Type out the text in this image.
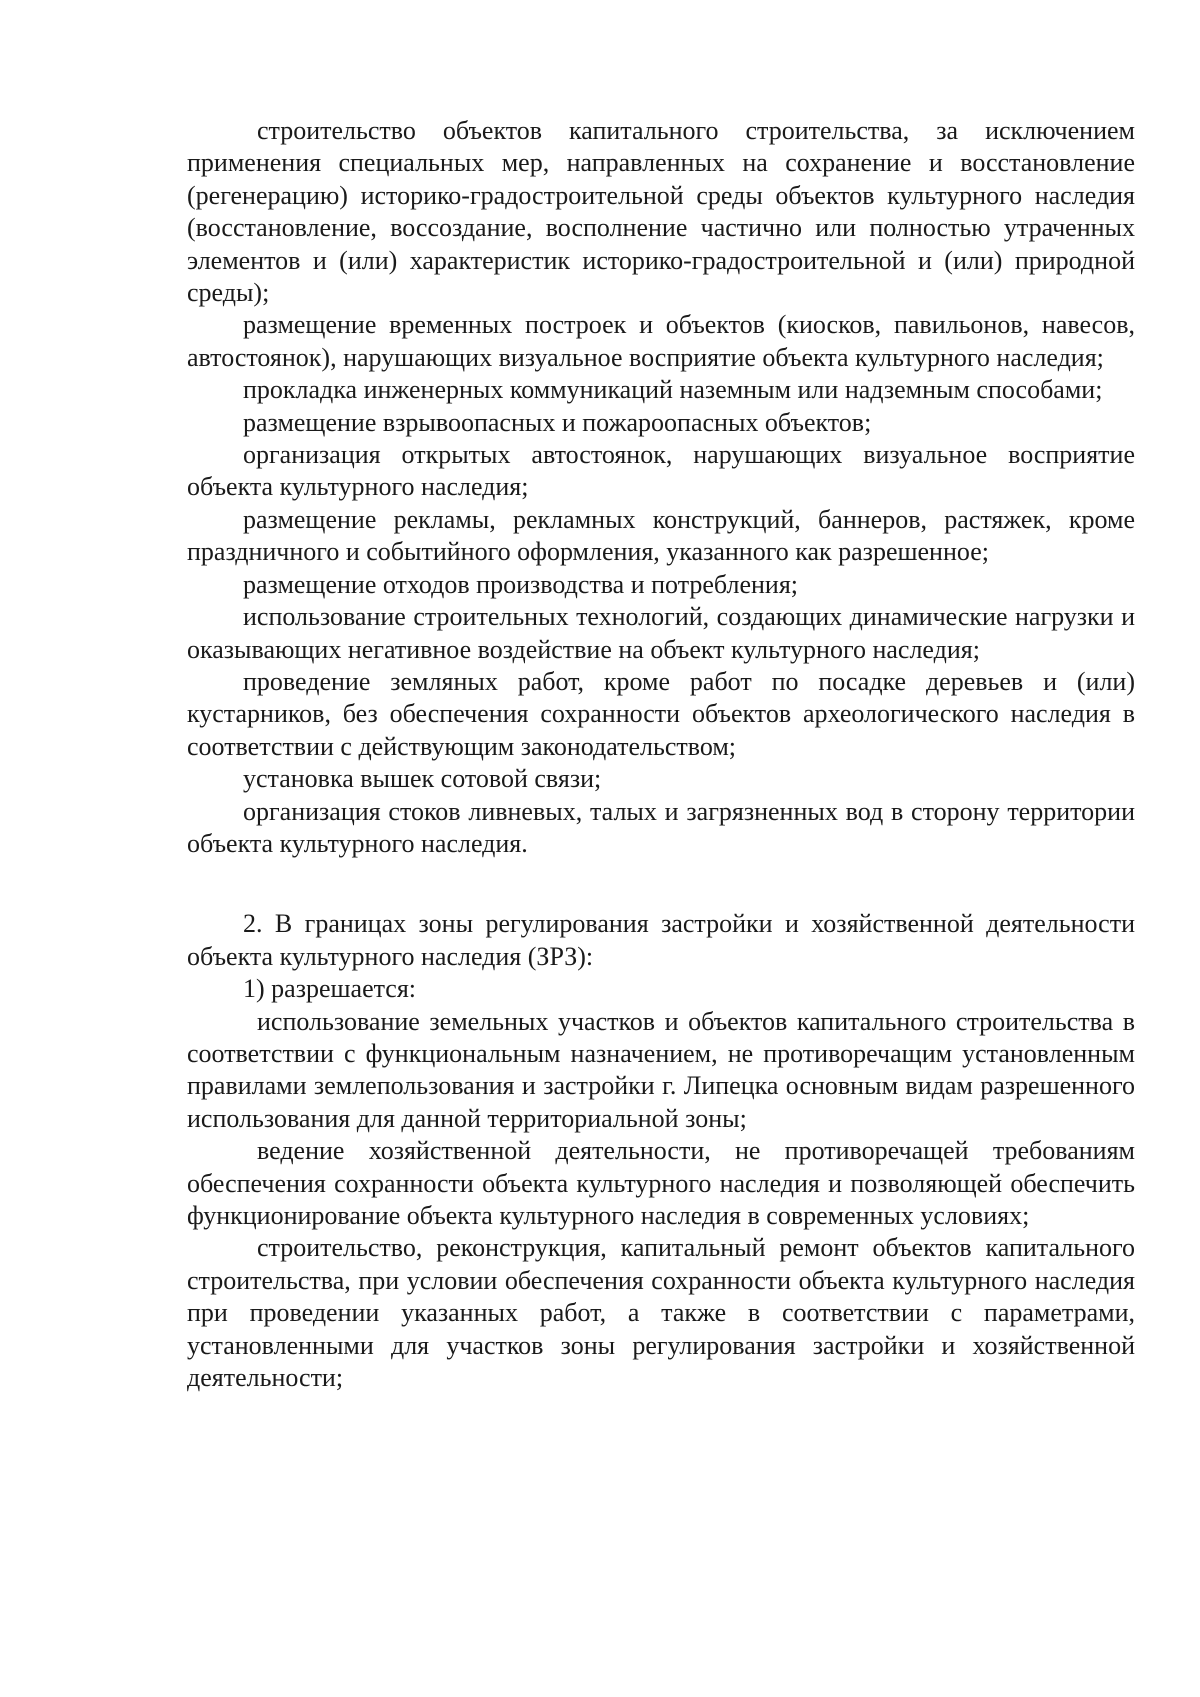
строительство объектов капитального строительства, за исключением применения специальных мер, направленных на сохранение и восстановление (регенерацию) историко-градостроительной среды объектов культурного наследия (восстановление, воссоздание, восполнение частично или полностью утраченных элементов и (или) характеристик историко-градостроительной и (или) природной среды);

размещение временных построек и объектов (киосков, павильонов, навесов, автостоянок), нарушающих визуальное восприятие объекта культурного наследия;

прокладка инженерных коммуникаций наземным или надземным способами;

размещение взрывоопасных и пожароопасных объектов;

организация открытых автостоянок, нарушающих визуальное восприятие объекта культурного наследия;

размещение рекламы, рекламных конструкций, баннеров, растяжек, кроме праздничного и событийного оформления, указанного как разрешенное;

размещение отходов производства и потребления;

использование строительных технологий, создающих динамические нагрузки и оказывающих негативное воздействие на объект культурного наследия;

проведение земляных работ, кроме работ по посадке деревьев и (или) кустарников, без обеспечения сохранности объектов археологического наследия в соответствии с действующим законодательством;

установка вышек сотовой связи;

организация стоков ливневых, талых и загрязненных вод в сторону территории объекта культурного наследия.

2. В границах зоны регулирования застройки и хозяйственной деятельности объекта культурного наследия (ЗРЗ):

1) разрешается:

использование земельных участков и объектов капитального строительства в соответствии с функциональным назначением, не противоречащим установленным правилами землепользования и застройки г. Липецка основным видам разрешенного использования для данной территориальной зоны;

ведение хозяйственной деятельности, не противоречащей требованиям обеспечения сохранности объекта культурного наследия и позволяющей обеспечить функционирование объекта культурного наследия в современных условиях;

строительство, реконструкция, капитальный ремонт объектов капитального строительства, при условии обеспечения сохранности объекта культурного наследия при проведении указанных работ, а также в соответствии с параметрами, установленными для участков зоны регулирования застройки и хозяйственной деятельности;
